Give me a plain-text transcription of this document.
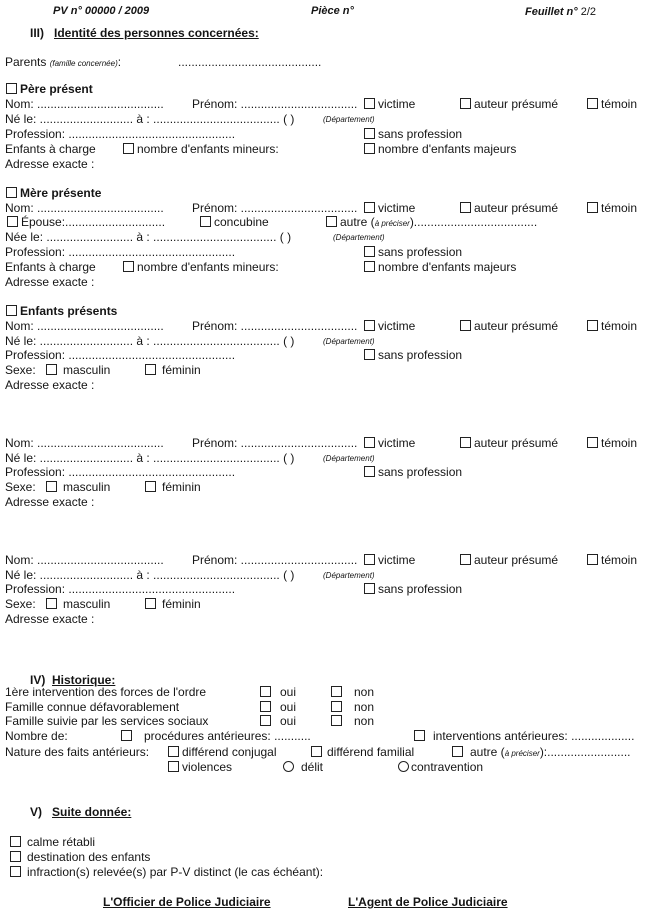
PV n° 00000 / 2009	Pièce n°	Feuillet n° 2/2
III) Identité des personnes concernées:
Parents (famille concernée):	...........................................
Père présent
Nom: ...................................... Prénom: ...................................	victime	auteur présumé	témoin
Né le: ............................ à : ...................................... ( )	(Département)
Profession: ..................................................	sans profession
Enfants à charge	nombre d'enfants mineurs:	nombre d'enfants majeurs
Adresse exacte :
Mère présente
Nom: ...................................... Prénom: ...................................	victime	auteur présumé	témoin
Épouse:..............................	concubine	autre (à préciser).....................................
Née le: .......................... à : ..................................... ( )	(Département)
Profession: ..................................................	sans profession
Enfants à charge	nombre d'enfants mineurs:	nombre d'enfants majeurs
Adresse exacte :
Enfants présents
Nom: ...................................... Prénom: ...................................	victime	auteur présumé	témoin
Né le: ............................ à : ...................................... ( )	(Département)
Profession: ..................................................	sans profession
Sexe:	masculin	féminin
Adresse exacte :
Nom: ...................................... Prénom: ...................................	victime	auteur présumé	témoin
Né le: ............................ à : ...................................... ( )	(Département)
Profession: ..................................................	sans profession
Sexe:	masculin	féminin
Adresse exacte :
Nom: ...................................... Prénom: ...................................	victime	auteur présumé	témoin
Né le: ............................ à : ...................................... ( )	(Département)
Profession: ..................................................	sans profession
Sexe:	masculin	féminin
Adresse exacte :
IV) Historique:
1ère intervention des forces de l'ordre	oui	non
Famille connue défavorablement	oui	non
Famille suivie par les services sociaux	oui	non
Nombre de:	procédures antérieures: ...........	interventions antérieures: ...................
Nature des faits antérieurs:	différend conjugal	différend familial	autre (à préciser):.........................
violences	délit	contravention
V) Suite donnée:
calme rétabli
destination des enfants
infraction(s) relevée(s) par P-V distinct (le cas échéant):
L'Officier de Police Judiciaire	L'Agent de Police Judiciaire
